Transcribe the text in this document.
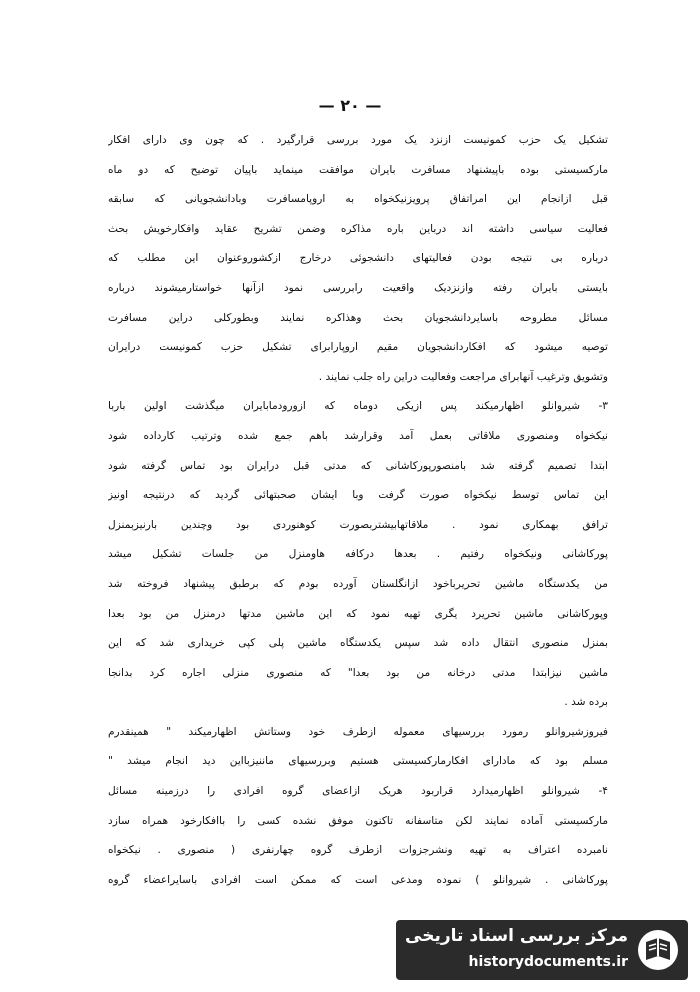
— ۲۰ —
تشکیل یک حزب کمونیست ازنزد یک مورد بررسی قرارگیرد . که چون وی دارای افکار
مارکسیستی بوده باپیشنهاد مسافرت بایران موافقت مینماید باپیان توضیح که دو ماه
قبل ازانجام این امراتفاق پرویزنیکخواه به اروپامسافرت وبادانشجویانی که سابقه
فعالیت سیاسی داشته اند درباین باره مذاکره وضمن تشریح عقاید وافکارخویش بحث
درباره بی نتیجه بودن فعالیتهای دانشجوئی درخارج ازکشوروعنوان این مطلب که
بایستی بایران رفته وازنزدیک واقعیت رابررسی نمود ازآنها خواستارمیشوند درباره
مسائل مطروحه باسایردانشجویان بحث وهذاکره نمایند وبطورکلی دراین مسافرت
توصیه میشود که افکاردانشجویان مقیم اروپارابرای تشکیل حزب کمونیست درایران
وتشویق وترغیب آنهابرای مراجعت وفعالیت دراین راه جلب نمایند .
۳- شیروانلو اظهارمیکند پس ازیکی دوماه که ازورودمابایران میگذشت اولین باربا
نیکخواه ومنصوری ملاقاتی بعمل آمد وقرارشد باهم جمع شده وترتیب کارداده شود
ابتدا تصمیم گرفته شد بامنصورپورکاشانی که مدتی قبل درایران بود تماس گرفته شود
این تماس توسط نیکخواه صورت گرفت وبا ایشان صحبتهائی گردید که درنتیجه اونیز
ترافق بهمکاری نمود . ملاقاتهابیشتربصورت کوهنوردی بود وچندین بارنیزبمنزل
پورکاشانی ونیکخواه رفتیم . بعدها درکافه هاومنزل من جلسات تشکیل میشد
من یکدستگاه ماشین تحریرباخود ازانگلستان آورده بودم که برطبق پیشنهاد فروخته شد
وپورکاشانی ماشین تحریرد یگری تهیه نمود که این ماشین مدتها درمنزل من بود بعدا
بمنزل منصوری انتقال داده شد سپس یکدستگاه ماشین پلی کپی خریداری شد که این
ماشین نیزابتدا مدتی درخانه من بود بعدا" که منصوری منزلی اجاره کرد بدانجا
برده شد .
فیروزشیروانلو رمورد بررسیهای معموله ازطرف خود وستاتش اظهارمیکند " همینقدرم
مسلم بود که مادارای افکارمارکسیستی هستیم وبررسیهای ماننیزبااین دید انجام میشد "
۴- شیروانلو اظهارمیدارد قراربود هریک ازاعضای گروه افرادی را درزمینه مسائل
مارکسیستی آماده نمایند لکن متاسفانه تاکنون موفق نشده کسی را باافکارخود همراه سازد
نامبرده اعتراف به تهیه ونشرجزوات ازطرف گروه چهارنفری ( منصوری . نیکخواه
پورکاشانی . شیروانلو ) نموده ومدعی است که ممکن است افرادی باسایراعضاء گروه
مرکز بررسی اسناد تاریخی
historydocuments.ir
